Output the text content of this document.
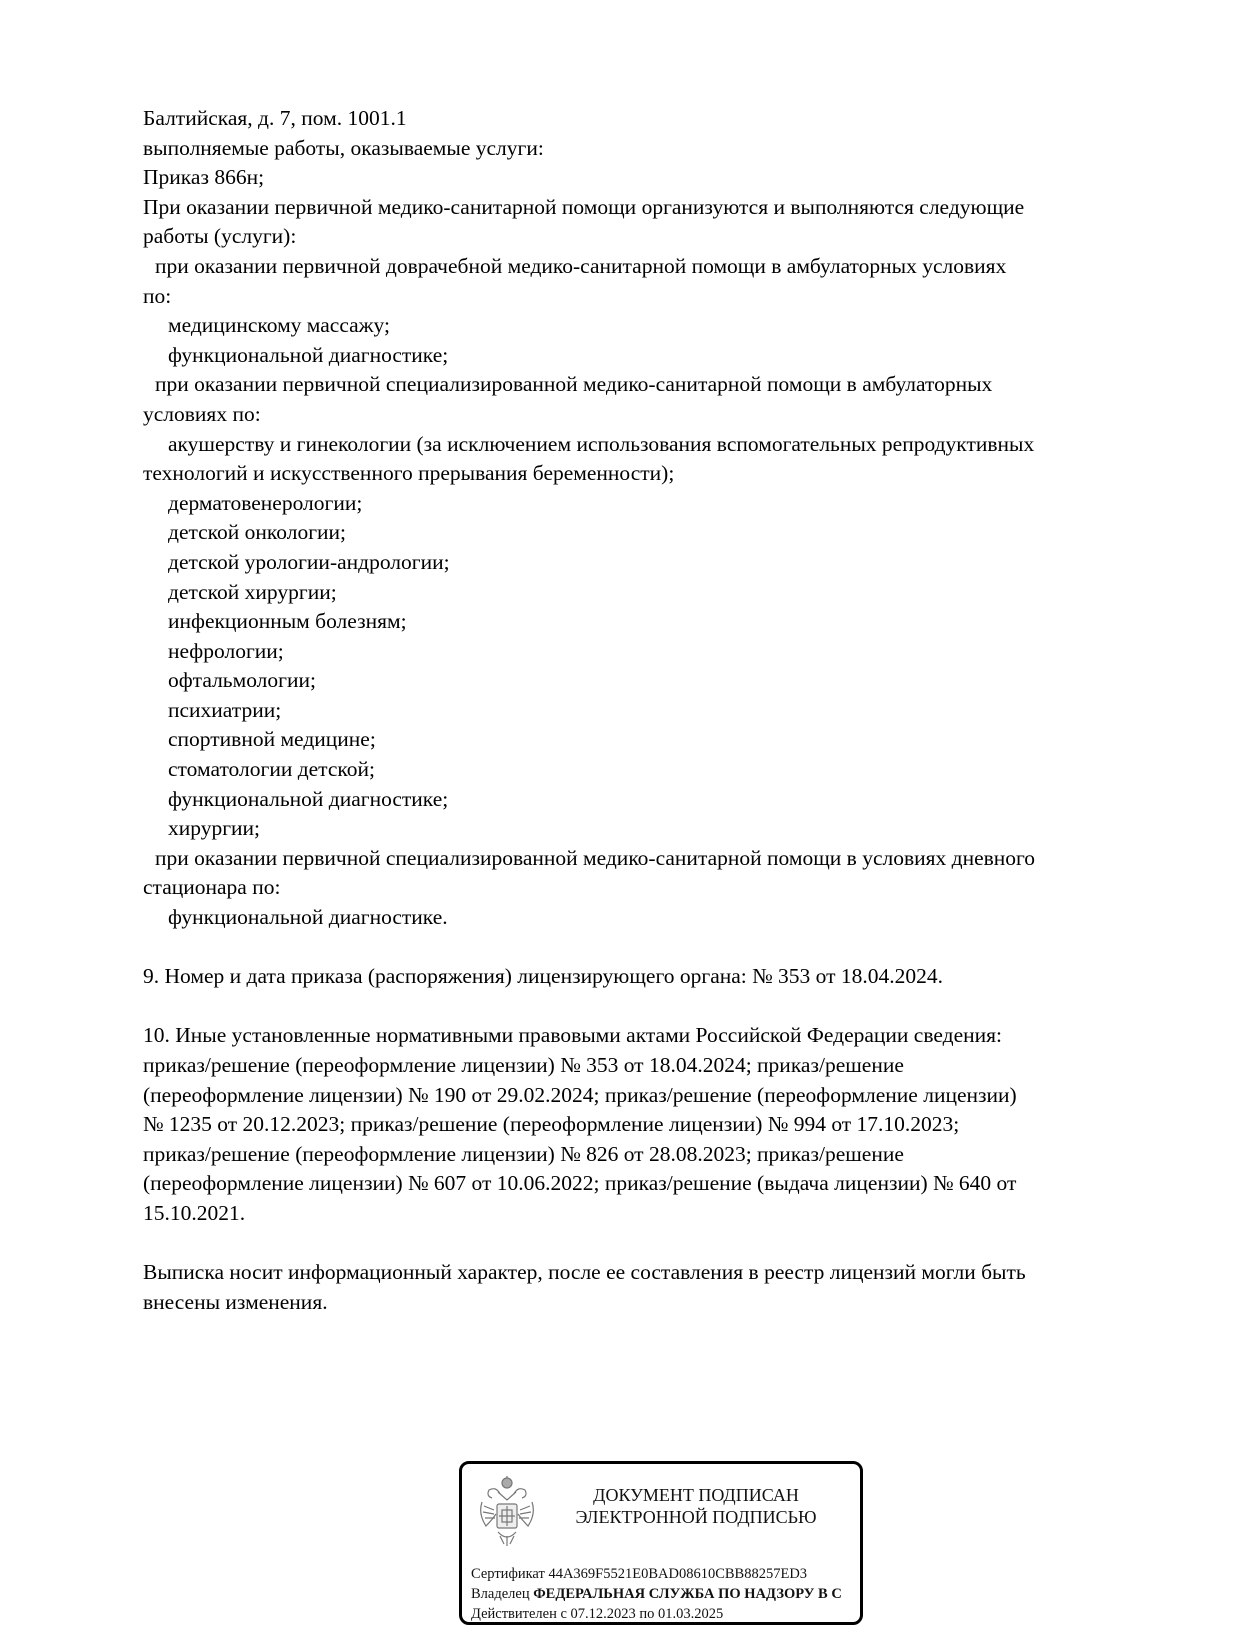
Балтийская, д. 7, пом. 1001.1
выполняемые работы, оказываемые услуги:
Приказ 866н;
При оказании первичной медико-санитарной помощи организуются и выполняются следующие
работы (услуги):
при оказании первичной доврачебной медико-санитарной помощи в амбулаторных условиях
по:
медицинскому массажу;
функциональной диагностике;
при оказании первичной специализированной медико-санитарной помощи в амбулаторных
условиях по:
акушерству и гинекологии (за исключением использования вспомогательных репродуктивных
технологий и искусственного прерывания беременности);
дерматовенерологии;
детской онкологии;
детской урологии-андрологии;
детской хирургии;
инфекционным болезням;
нефрологии;
офтальмологии;
психиатрии;
спортивной медицине;
стоматологии детской;
функциональной диагностике;
хирургии;
при оказании первичной специализированной медико-санитарной помощи в условиях дневного
стационара по:
функциональной диагностике.
9. Номер и дата приказа (распоряжения) лицензирующего органа: № 353 от 18.04.2024.
10. Иные установленные нормативными правовыми актами Российской Федерации сведения:
приказ/решение (переоформление лицензии) № 353 от 18.04.2024; приказ/решение
(переоформление лицензии) № 190 от 29.02.2024; приказ/решение (переоформление лицензии)
№ 1235 от 20.12.2023; приказ/решение (переоформление лицензии) № 994 от 17.10.2023;
приказ/решение (переоформление лицензии) № 826 от 28.08.2023; приказ/решение
(переоформление лицензии) № 607 от 10.06.2022; приказ/решение (выдача лицензии) № 640 от
15.10.2021.
Выписка носит информационный характер, после ее составления в реестр лицензий могли быть
внесены изменения.
ДОКУМЕНТ ПОДПИСАН
ЭЛЕКТРОННОЙ ПОДПИСЬЮ
Сертификат 44A369F5521E0BAD08610CBB88257ED3
Владелец ФЕДЕРАЛЬНАЯ СЛУЖБА ПО НАДЗОРУ В С
Действителен с 07.12.2023 по 01.03.2025
